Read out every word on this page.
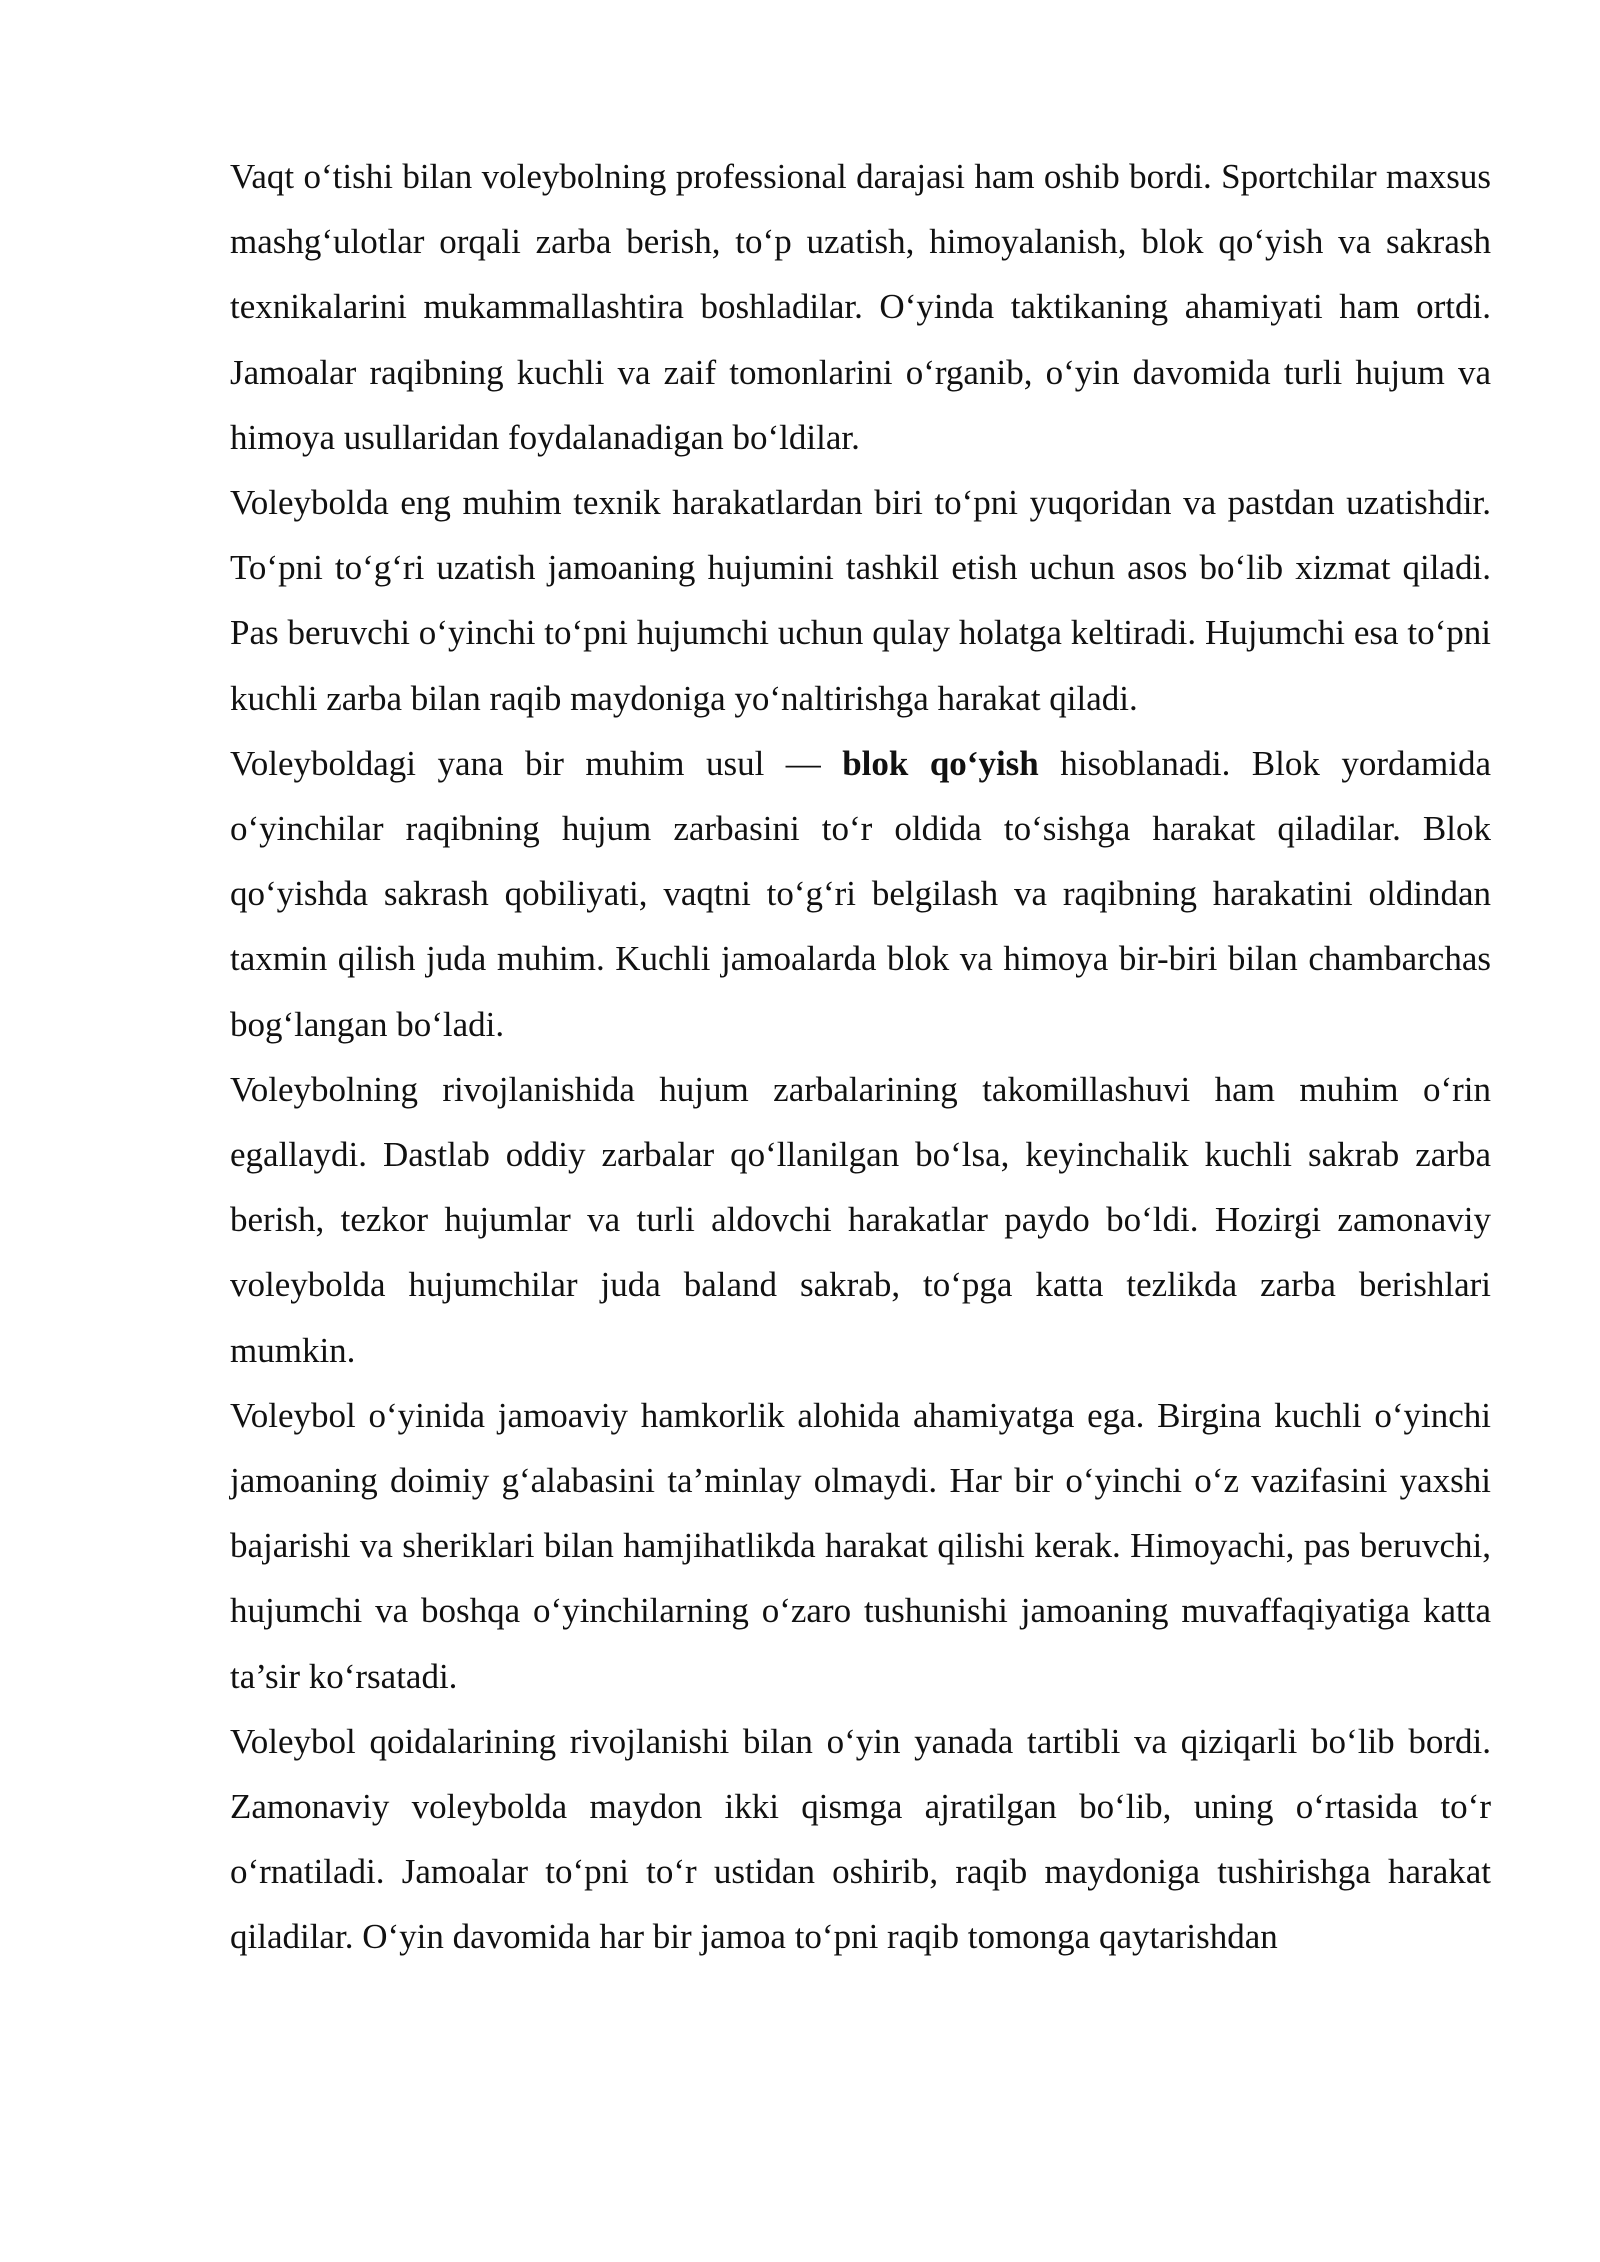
Vaqt o‘tishi bilan voleybolning professional darajasi ham oshib bordi. Sportchilar maxsus mashg‘ulotlar orqali zarba berish, to‘p uzatish, himoyalanish, blok qo‘yish va sakrash texnikalarini mukammallashtira boshladilar. O‘yinda taktikaning ahamiyati ham ortdi. Jamoalar raqibning kuchli va zaif tomonlarini o‘rganib, o‘yin davomida turli hujum va himoya usullaridan foydalanadigan bo‘ldilar.

Voleybolda eng muhim texnik harakatlardan biri to‘pni yuqoridan va pastdan uzatishdir. To‘pni to‘g‘ri uzatish jamoaning hujumini tashkil etish uchun asos bo‘lib xizmat qiladi. Pas beruvchi o‘yinchi to‘pni hujumchi uchun qulay holatga keltiradi. Hujumchi esa to‘pni kuchli zarba bilan raqib maydoniga yo‘naltirishga harakat qiladi.

Voleyboldagi yana bir muhim usul — blok qo‘yish hisoblanadi. Blok yordamida o‘yinchilar raqibning hujum zarbasini to‘r oldida to‘sishga harakat qiladilar. Blok qo‘yishda sakrash qobiliyati, vaqtni to‘g‘ri belgilash va raqibning harakatini oldindan taxmin qilish juda muhim. Kuchli jamoalarda blok va himoya bir-biri bilan chambarchas bog‘langan bo‘ladi.

Voleybolning rivojlanishida hujum zarbalarining takomillashuvi ham muhim o‘rin egallaydi. Dastlab oddiy zarbalar qo‘llanilgan bo‘lsa, keyinchalik kuchli sakrab zarba berish, tezkor hujumlar va turli aldovchi harakatlar paydo bo‘ldi. Hozirgi zamonaviy voleybolda hujumchilar juda baland sakrab, to‘pga katta tezlikda zarba berishlari mumkin.

Voleybol o‘yinida jamoaviy hamkorlik alohida ahamiyatga ega. Birgina kuchli o‘yinchi jamoaning doimiy g‘alabasini ta’minlay olmaydi. Har bir o‘yinchi o‘z vazifasini yaxshi bajarishi va sheriklari bilan hamjihatlikda harakat qilishi kerak. Himoyachi, pas beruvchi, hujumchi va boshqa o‘yinchilarning o‘zaro tushunishi jamoaning muvaffaqiyatiga katta ta’sir ko‘rsatadi.

Voleybol qoidalarining rivojlanishi bilan o‘yin yanada tartibli va qiziqarli bo‘lib bordi. Zamonaviy voleybolda maydon ikki qismga ajratilgan bo‘lib, uning o‘rtasida to‘r o‘rnatiladi. Jamoalar to‘pni to‘r ustidan oshirib, raqib maydoniga tushirishga harakat qiladilar. O‘yin davomida har bir jamoa to‘pni raqib tomonga qaytarishdan
